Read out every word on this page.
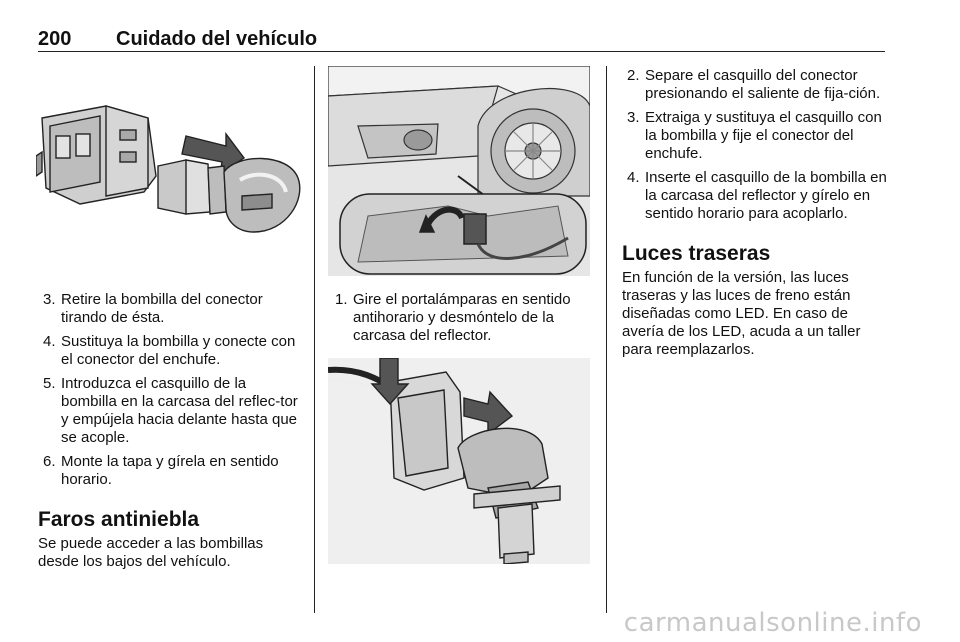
200 Cuidado del vehículo
3. Retire la bombilla del conector tirando de ésta.
4. Sustituya la bombilla y conecte con el conector del enchufe.
5. Introduzca el casquillo de la bombilla en la carcasa del reflec-tor y empújela hacia delante hasta que se acople.
6. Monte la tapa y gírela en sentido horario.
Faros antiniebla

Se puede acceder a las bombillas desde los bajos del vehículo.

1. Gire el portalámparas en sentido antihorario y desmóntelo de la carcasa del reflector.
2. Separe el casquillo del conector presionando el saliente de fija-ción.
3. Extraiga y sustituya el casquillo con la bombilla y fije el conector del enchufe.
4. Inserte el casquillo de la bombilla en la carcasa del reflector y gírelo en sentido horario para acoplarlo.
Luces traseras

En función de la versión, las luces traseras y las luces de freno están diseñadas como LED. En caso de avería de los LED, acuda a un taller para reemplazarlos.

carmanualsonline.info
